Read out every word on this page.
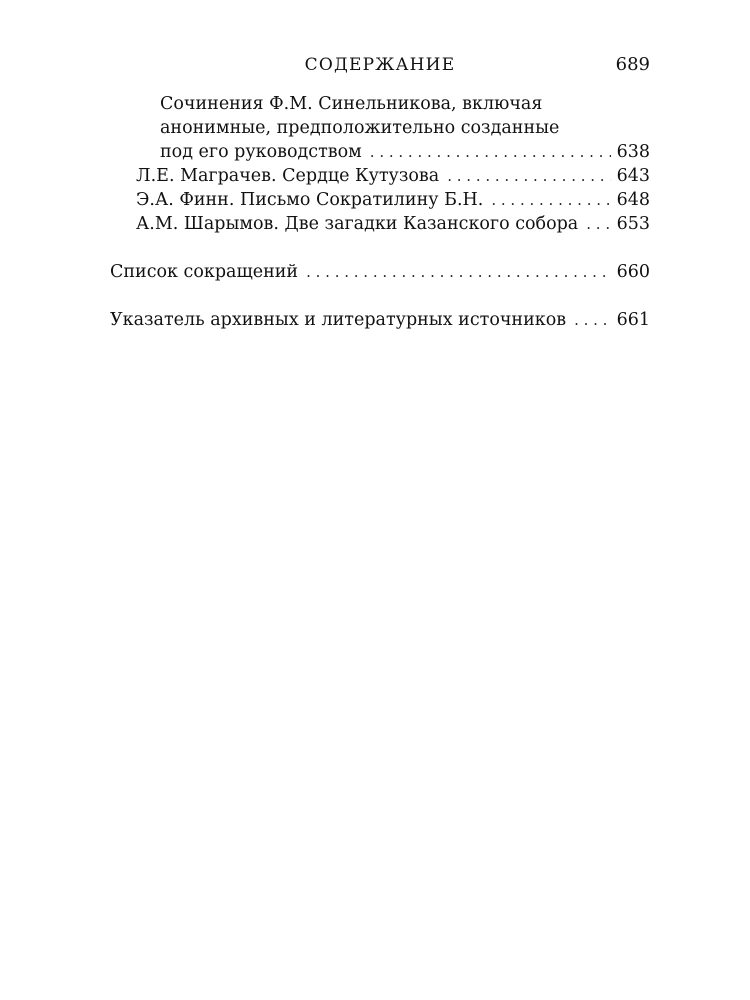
СОДЕРЖАНИЕ	689
Сочинения Ф.М. Синельникова, включая
анонимные, предположительно созданные
под его руководством . . .	638
Л.Е. Маграчев. Сердце Кутузова . . .	643
Э.А. Финн. Письмо Сократилину Б.Н. . . .	648
А.М. Шарымов. Две загадки Казанского собора . . .	653
Список сокращений . . .	660
Указатель архивных и литературных источников . . .	661
